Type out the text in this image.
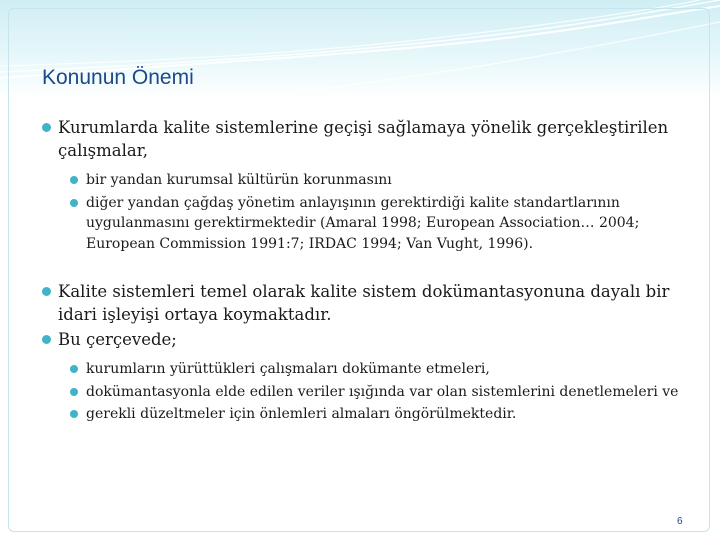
Konunun Önemi

Kurumlarda kalite sistemlerine geçişi sağlamaya yönelik gerçekleştirilen çalışmalar,

bir yandan kurumsal kültürün korunmasını

diğer yandan çağdaş yönetim anlayışının gerektirdiği kalite standartlarının uygulanmasını gerektirmektedir (Amaral 1998; European Association… 2004; European Commission 1991:7; IRDAC 1994; Van Vught, 1996).

Kalite sistemleri temel olarak kalite sistem dokümantasyonuna dayalı bir idari işleyişi ortaya koymaktadır.

Bu çerçevede;

kurumların yürüttükleri çalışmaları dokümante etmeleri,

dokümantasyonla elde edilen veriler ışığında var olan sistemlerini denetlemeleri ve

gerekli düzeltmeler için önlemleri almaları öngörülmektedir.

6
